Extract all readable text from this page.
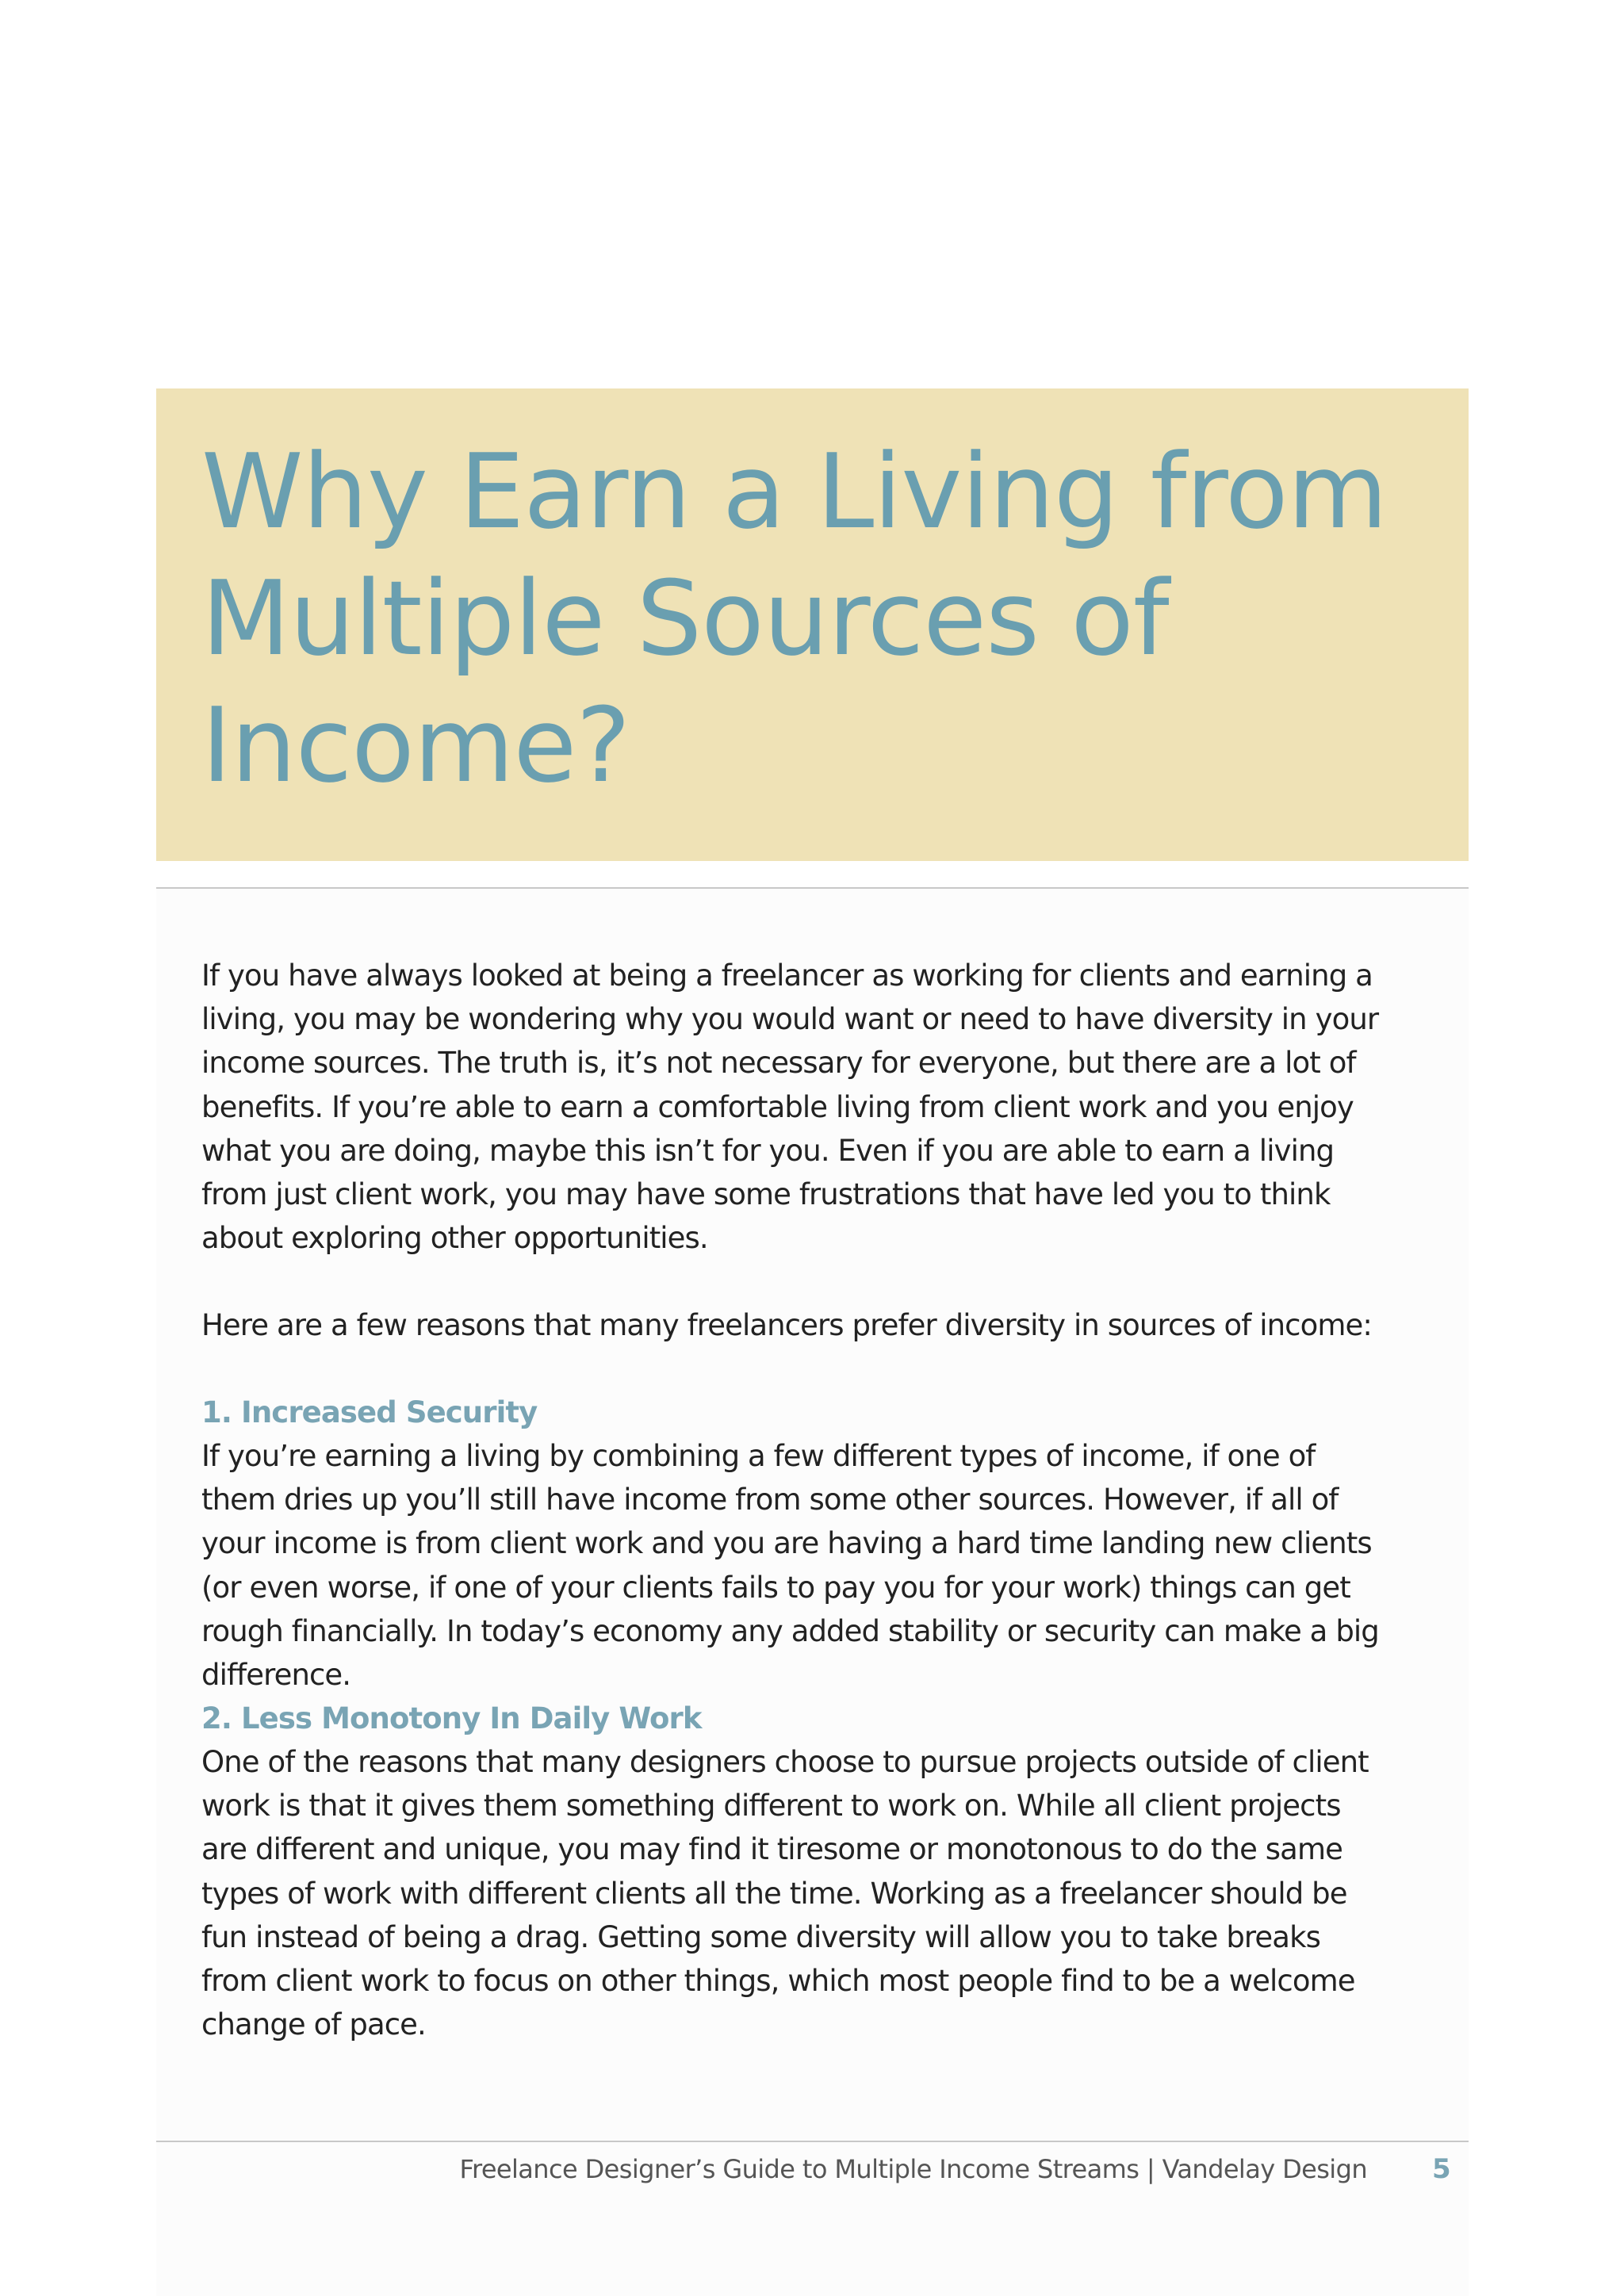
Why Earn a Living from Multiple Sources of Income?

If you have always looked at being a freelancer as working for clients and earning a living, you may be wondering why you would want or need to have diversity in your income sources. The truth is, it’s not necessary for everyone, but there are a lot of benefits. If you’re able to earn a comfortable living from client work and you enjoy what you are doing, maybe this isn’t for you. Even if you are able to earn a living from just client work, you may have some frustrations that have led you to think about exploring other opportunities.

Here are a few reasons that many freelancers prefer diversity in sources of income:

1. Increased Security

If you’re earning a living by combining a few different types of income, if one of them dries up you’ll still have income from some other sources. However, if all of your income is from client work and you are having a hard time landing new clients (or even worse, if one of your clients fails to pay you for your work) things can get rough financially. In today’s economy any added stability or security can make a big difference.

2. Less Monotony In Daily Work

One of the reasons that many designers choose to pursue projects outside of client work is that it gives them something different to work on. While all client projects are different and unique, you may find it tiresome or monotonous to do the same types of work with different clients all the time. Working as a freelancer should be fun instead of being a drag. Getting some diversity will allow you to take breaks from client work to focus on other things, which most people find to be a welcome change of pace.

Freelance Designer’s Guide to Multiple Income Streams | Vandelay Design 5
